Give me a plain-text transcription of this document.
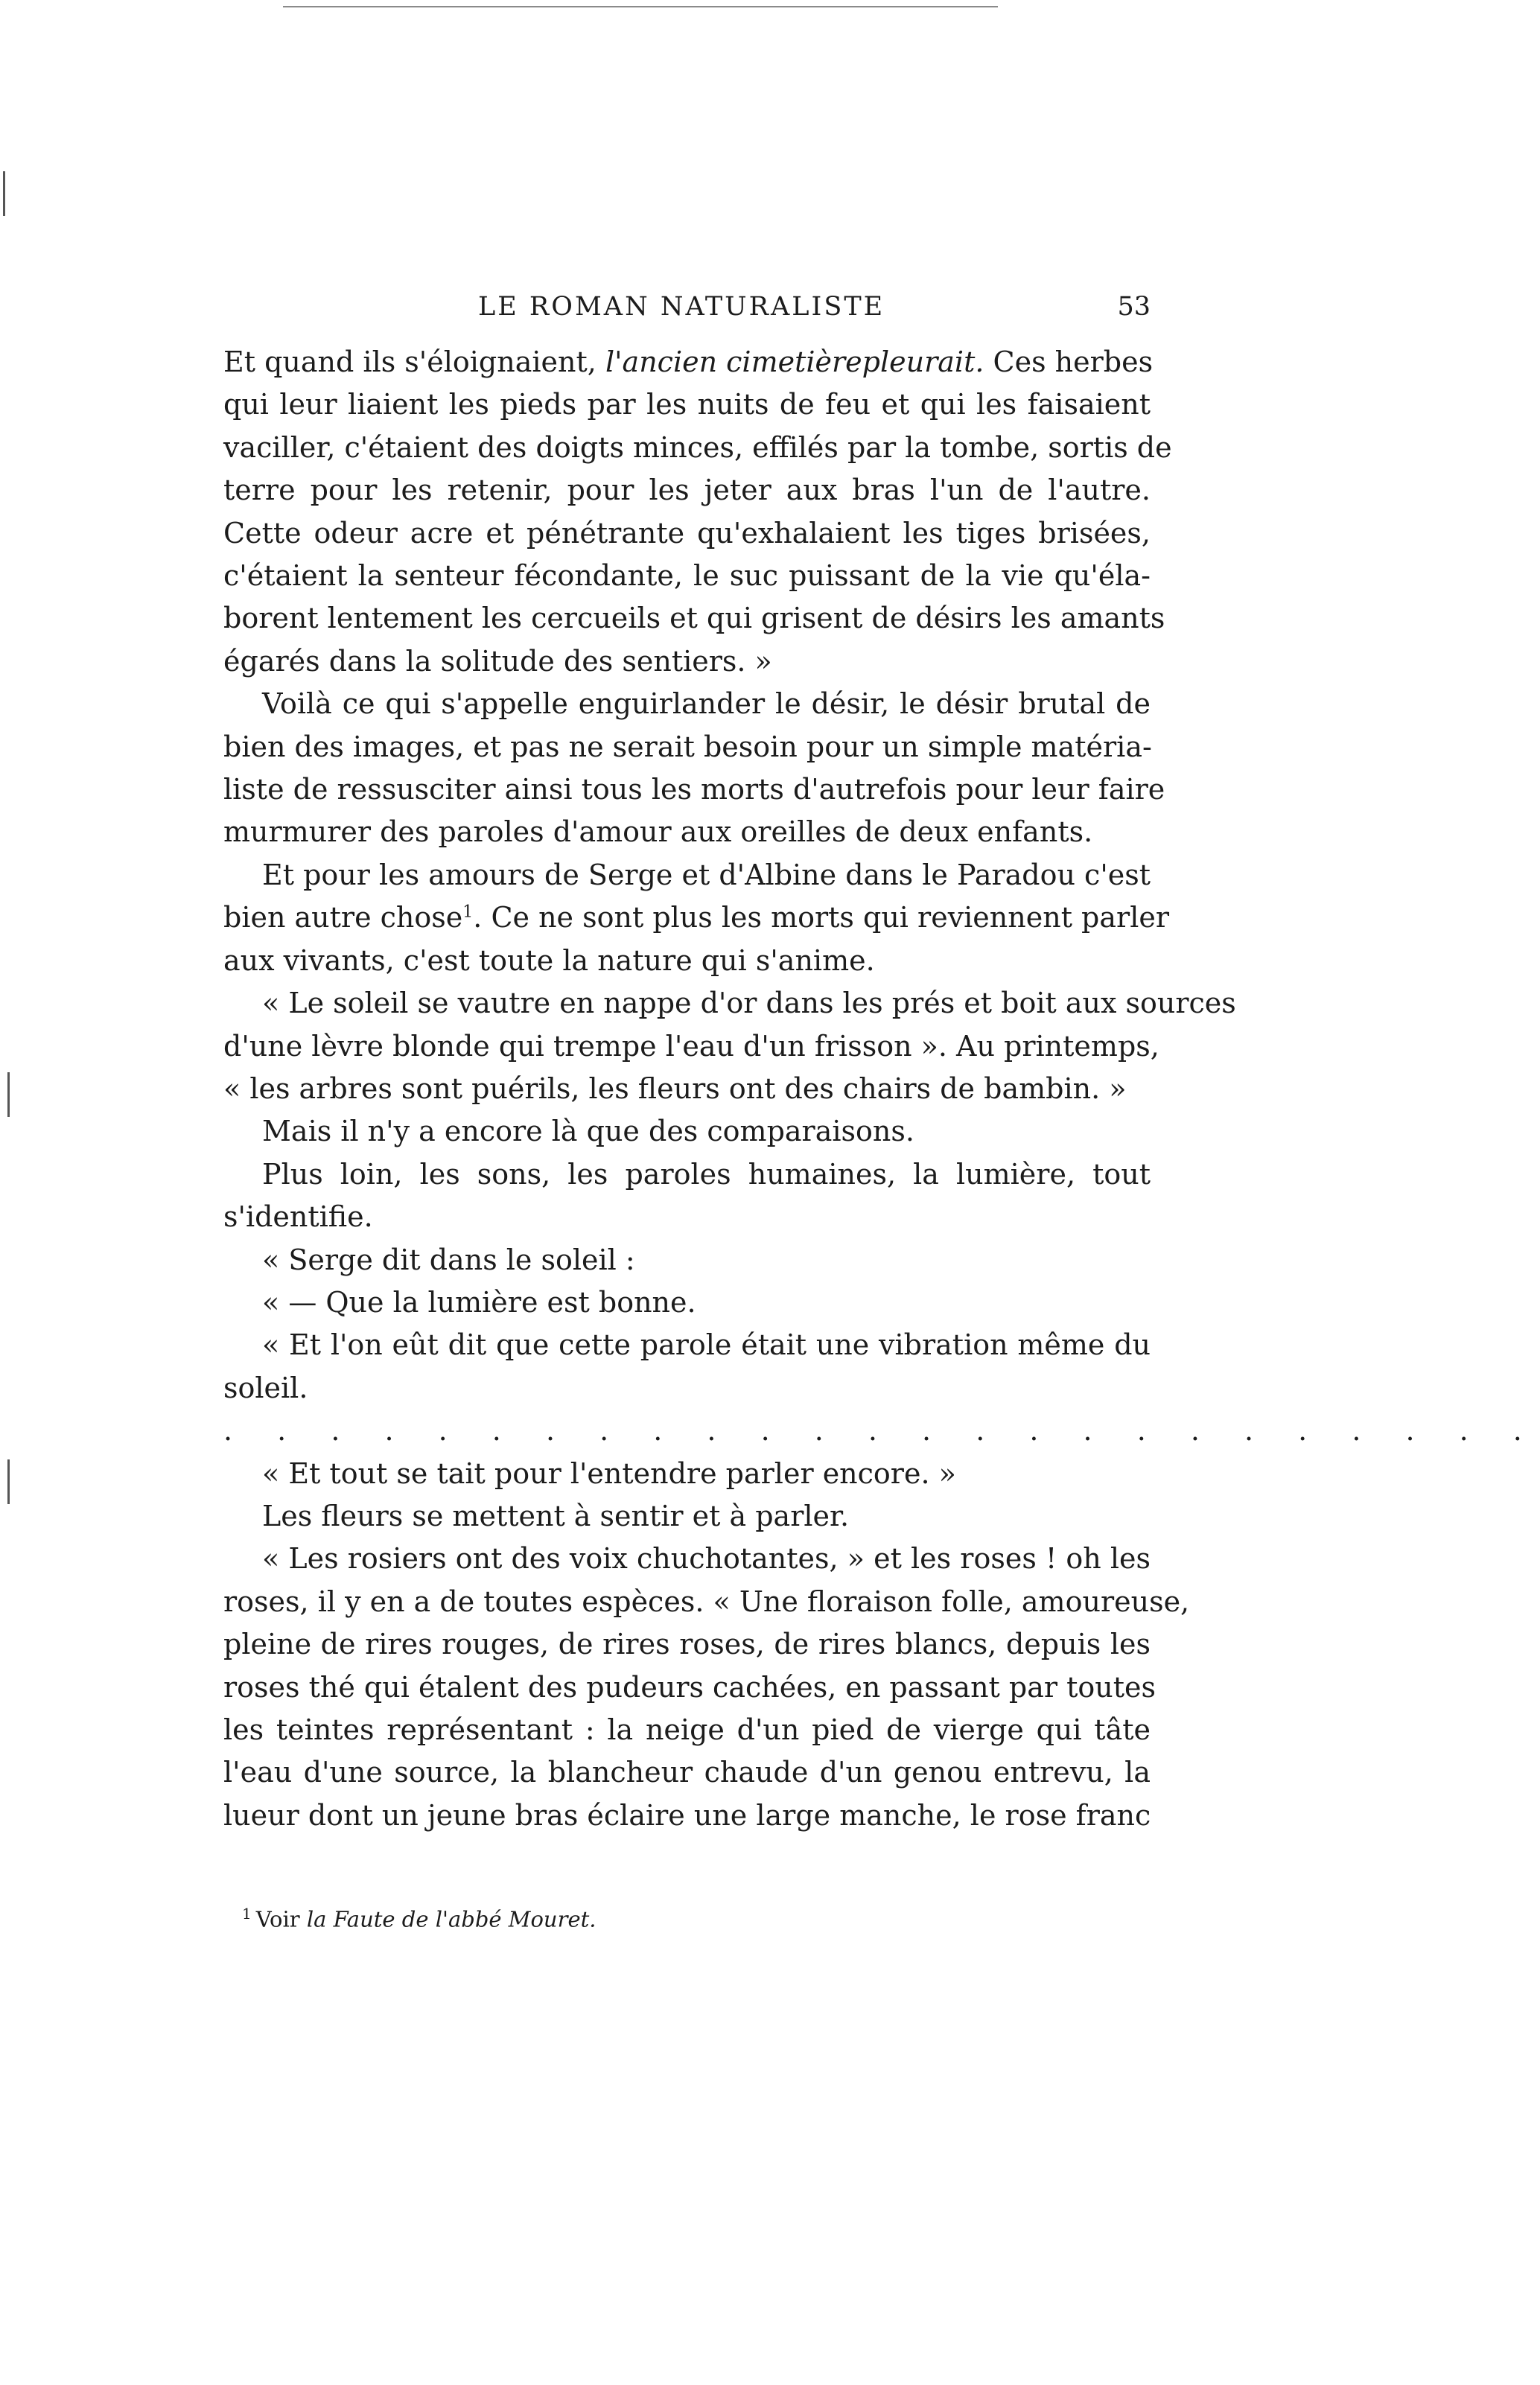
LE ROMAN NATURALISTE	53
Et quand ils s'éloignaient, l'ancien cimetièrepleurait. Ces herbes
qui leur liaient les pieds par les nuits de feu et qui les faisaient
vaciller, c'étaient des doigts minces, effilés par la tombe, sortis de
terre pour les retenir, pour les jeter aux bras l'un de l'autre.
Cette odeur acre et pénétrante qu'exhalaient les tiges brisées,
c'étaient la senteur fécondante, le suc puissant de la vie qu'éla-
borent lentement les cercueils et qui grisent de désirs les amants
égarés dans la solitude des sentiers. »
Voilà ce qui s'appelle enguirlander le désir, le désir brutal de
bien des images, et pas ne serait besoin pour un simple matéria-
liste de ressusciter ainsi tous les morts d'autrefois pour leur faire
murmurer des paroles d'amour aux oreilles de deux enfants.
Et pour les amours de Serge et d'Albine dans le Paradou c'est
bien autre chose$^1$. Ce ne sont plus les morts qui reviennent parler
aux vivants, c'est toute la nature qui s'anime.
« Le soleil se vautre en nappe d'or dans les prés et boit aux sources
d'une lèvre blonde qui trempe l'eau d'un frisson ». Au printemps,
« les arbres sont puérils, les fleurs ont des chairs de bambin. »
Mais il n'y a encore là que des comparaisons.
Plus loin, les sons, les paroles humaines, la lumière, tout
s'identifie.
« Serge dit dans le soleil :
« — Que la lumière est bonne.
« Et l'on eût dit que cette parole était une vibration même du
soleil.
. . . . . . . . . . . . . . . . . . . . . . . . .
« Et tout se tait pour l'entendre parler encore. »
Les fleurs se mettent à sentir et à parler.
« Les rosiers ont des voix chuchotantes, » et les roses ! oh les
roses, il y en a de toutes espèces. « Une floraison folle, amoureuse,
pleine de rires rouges, de rires roses, de rires blancs, depuis les
roses thé qui étalent des pudeurs cachées, en passant par toutes
les teintes représentant : la neige d'un pied de vierge qui tâte
l'eau d'une source, la blancheur chaude d'un genou entrevu, la
lueur dont un jeune bras éclaire une large manche, le rose franc
$^1$ Voir la Faute de l'abbé Mouret.
